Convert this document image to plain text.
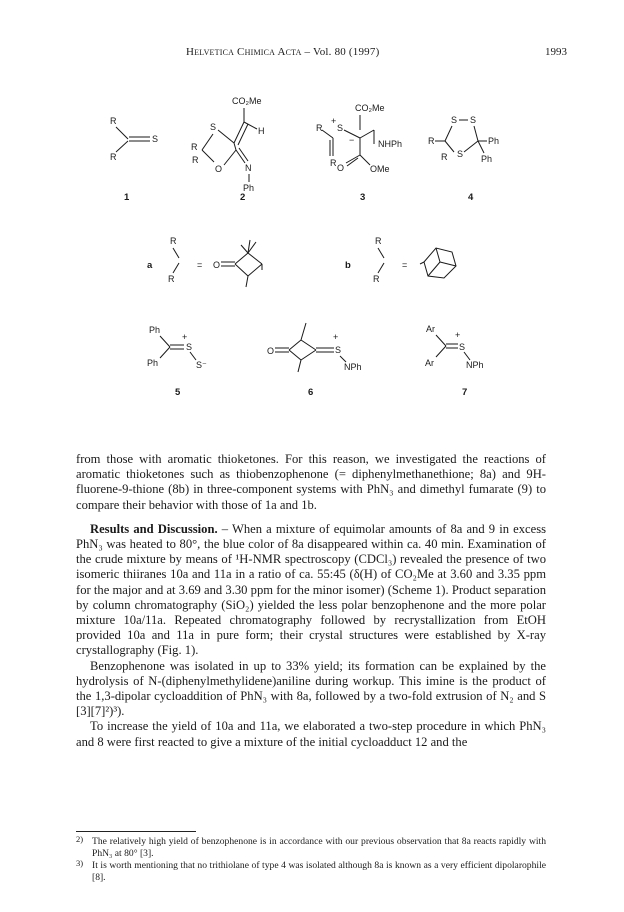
Helvetica Chimica Acta – Vol. 80 (1997)	1993
R
R
S
1
CO₂Me
H
S
R
R
O	N
Ph
2
CO₂Me
R
+
S
R
−	NHPh
O	OMe
3
S S
R
R S
Ph
Ph
4
a
R
R
= O	b
R
R
=
Ph
Ph
+
S
S⁻
5
O
+
S
NPh
6
Ar
Ar
+
S
NPh
7

from those with aromatic thioketones. For this reason, we investigated the reactions of aromatic thioketones such as thiobenzophenone (= diphenylmethanethione; 8a) and 9H-fluorene-9-thione (8b) in three-component systems with PhN₃ and dimethyl fumarate (9) to compare their behavior with those of 1a and 1b.

Results and Discussion. – When a mixture of equimolar amounts of 8a and 9 in excess PhN₃ was heated to 80°, the blue color of 8a disappeared within ca. 40 min. Examination of the crude mixture by means of ¹H-NMR spectroscopy (CDCl₃) revealed the presence of two isomeric thiiranes 10a and 11a in a ratio of ca. 55:45 (δ(H) of CO₂Me at 3.60 and 3.35 ppm for the major and at 3.69 and 3.30 ppm for the minor isomer) (Scheme 1). Product separation by column chromatography (SiO₂) yielded the less polar benzophenone and the more polar mixture 10a/11a. Repeated chromatography followed by recrystallization from EtOH provided 10a and 11a in pure form; their crystal structures were established by X-ray crystallography (Fig. 1).

Benzophenone was isolated in up to 33% yield; its formation can be explained by the hydrolysis of N-(diphenylmethylidene)aniline during workup. This imine is the product of the 1,3-dipolar cycloaddition of PhN₃ with 8a, followed by a two-fold extrusion of N₂ and S [3][7]²)³).

To increase the yield of 10a and 11a, we elaborated a two-step procedure in which PhN₃ and 8 were first reacted to give a mixture of the initial cycloadduct 12 and the

2) The relatively high yield of benzophenone is in accordance with our previous observation that 8a reacts rapidly with PhN₃ at 80° [3].
3) It is worth mentioning that no trithiolane of type 4 was isolated although 8a is known as a very efficient dipolarophile [8].
